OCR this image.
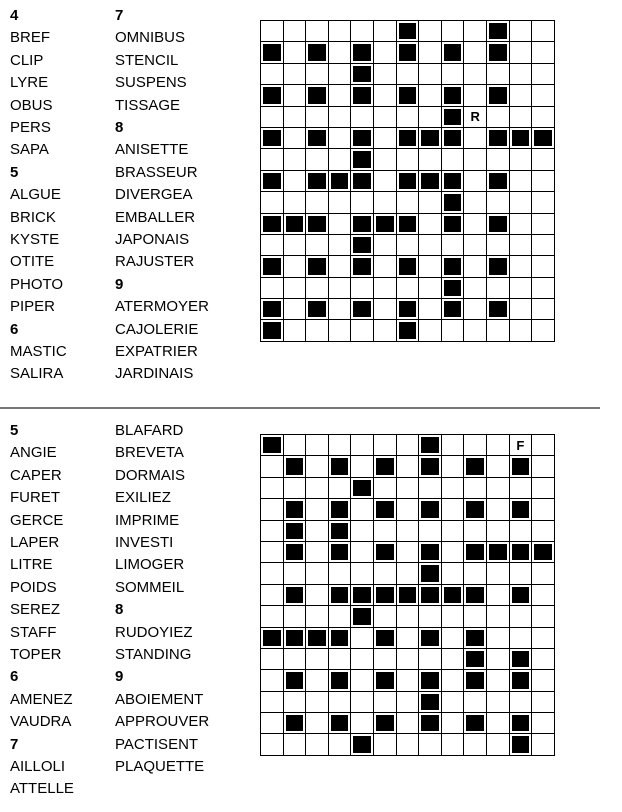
4
BREF
CLIP
LYRE
OBUS
PERS
SAPA
5
ALGUE
BRICK
KYSTE
OTITE
PHOTO
PIPER
6
MASTIC
SALIRA
7
OMNIBUS
STENCIL
SUSPENS
TISSAGE
8
ANISETTE
BRASSEUR
DIVERGEA
EMBALLER
JAPONAIS
RAJUSTER
9
ATERMOYER
CAJOLERIE
EXPATRIER
JARDINAIS

R			

5
ANGIE
CAPER
FURET
GERCE
LAPER
LITRE
POIDS
SEREZ
STAFF
TOPER
6
AMENEZ
VAUDRA
7
AILLOLI
ATTELLE
BLAFARD
BREVETA
DORMAIS
EXILIEZ
IMPRIME
INVESTI
LIMOGER
SOMMEIL
8
RUDOYIEZ
STANDING
9
ABOIEMENT
APPROUVER
PACTISENT
PLAQUETTE

F	
